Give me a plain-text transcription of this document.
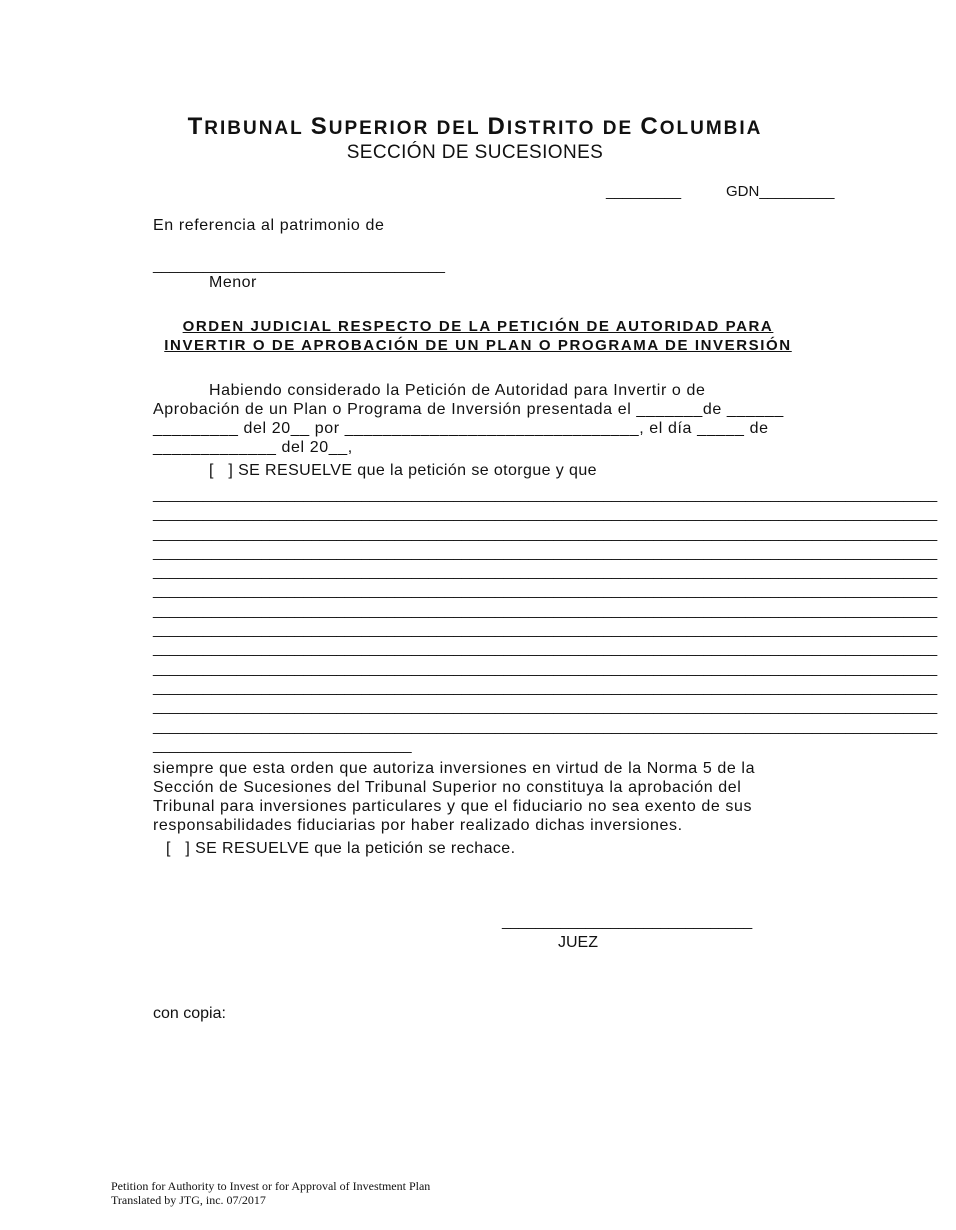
TRIBUNAL SUPERIOR DEL DISTRITO DE COLUMBIA
SECCIÓN DE SUCESIONES
_________	GDN_________
En referencia al patrimonio de
___________________________________
Menor
ORDEN JUDICIAL RESPECTO DE LA PETICIÓN DE AUTORIDAD PARA
INVERTIR O DE APROBACIÓN DE UN PLAN O PROGRAMA DE INVERSIÓN
Habiendo considerado la Petición de Autoridad para Invertir o de
Aprobación de un Plan o Programa de Inversión presentada el _______de ______
_________ del 20__ por _______________________________, el día _____ de
_____________ del 20__,
[   ] SE RESUELVE que la petición se otorgue y que
______________________________________________________________________________________________
______________________________________________________________________________________________
______________________________________________________________________________________________
______________________________________________________________________________________________
______________________________________________________________________________________________
______________________________________________________________________________________________
______________________________________________________________________________________________
______________________________________________________________________________________________
______________________________________________________________________________________________
______________________________________________________________________________________________
______________________________________________________________________________________________
______________________________________________________________________________________________
______________________________________________________________________________________________
_______________________________
siempre que esta orden que autoriza inversiones en virtud de la Norma 5 de la
Sección de Sucesiones del Tribunal Superior no constituya la aprobación del
Tribunal para inversiones particulares y que el fiduciario no sea exento de sus
responsabilidades fiduciarias por haber realizado dichas inversiones.
[   ] SE RESUELVE que la petición se rechace.
______________________________
JUEZ
con copia:
Petition for Authority to Invest or for Approval of Investment Plan
Translated by JTG, inc. 07/2017
